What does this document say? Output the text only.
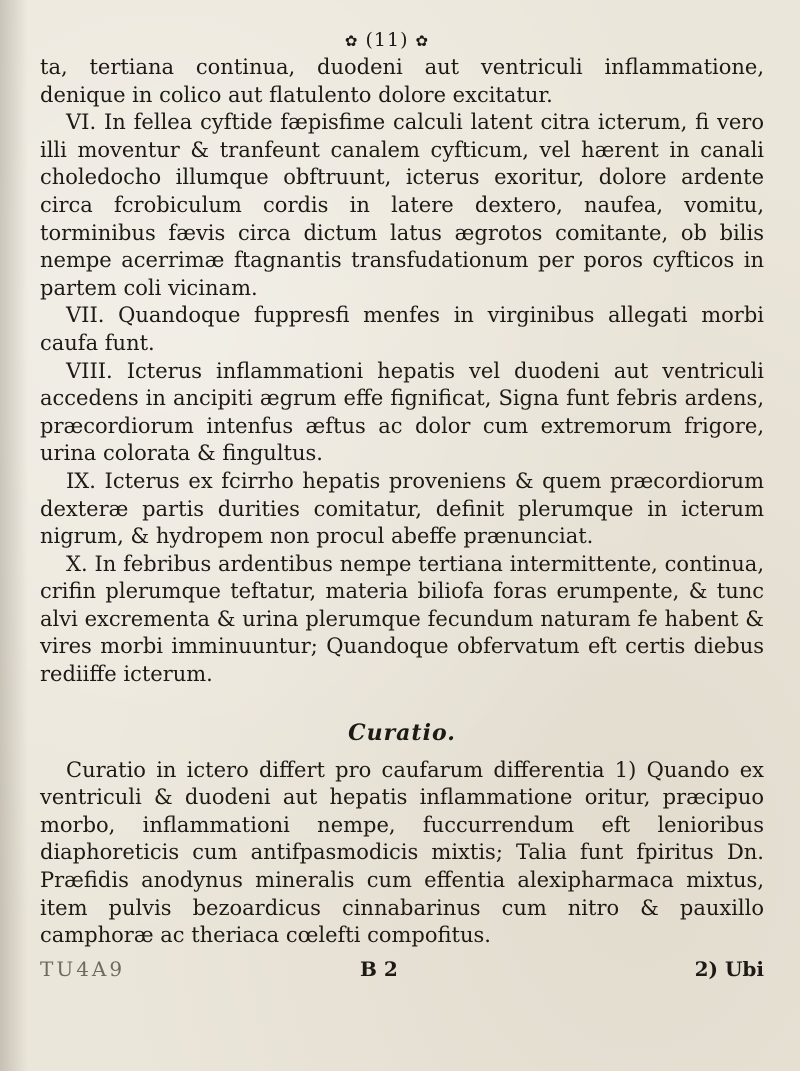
✿ (11) ✿

ta, tertiana continua, duodeni aut ventriculi inflammatione, denique in colico aut flatulento dolore excitatur.

VI. In fellea cyftide fæpisfime calculi latent citra icterum, fi vero illi moventur & tranfeunt canalem cyfticum, vel hærent in canali choledocho illumque obftruunt, icterus exoritur, dolore ardente circa fcrobiculum cordis in latere dextero, naufea, vomitu, torminibus fævis circa dictum latus ægrotos comitante, ob bilis nempe acerrimæ ftagnantis transfudationum per poros cyfticos in partem coli vicinam.

VII. Quandoque fuppresfi menfes in virginibus allegati morbi caufa funt.

VIII. Icterus inflammationi hepatis vel duodeni aut ventriculi accedens in ancipiti ægrum effe fignificat, Signa funt febris ardens, præcordiorum intenfus æftus ac dolor cum extremorum frigore, urina colorata & fingultus.

IX. Icterus ex fcirrho hepatis proveniens & quem præcordiorum dexteræ partis durities comitatur, definit plerumque in icterum nigrum, & hydropem non procul abeffe prænunciat.

X. In febribus ardentibus nempe tertiana intermittente, continua, crifin plerumque teftatur, materia biliofa foras erumpente, & tunc alvi excrementa & urina plerumque fecundum naturam fe habent & vires morbi imminuuntur; Quandoque obfervatum eft certis diebus rediiffe icterum.

Curatio.

Curatio in icterо differt pro caufarum differentia 1) Quando ex ventriculi & duodeni aut hepatis inflammatione oritur, præcipuo morbo, inflammationi nempe, fuccurrendum eft lenioribus diaphoreticis cum antifpasmodicis mixtis; Talia funt fpiritus Dn. Præfidis anodynus mineralis cum effentia alexipharmaca mixtus, item pulvis bezoardicus cinnabarinus cum nitro & pauxillo camphoræ ac theriaca cœlefti compofitus.

TU4A9	B 2	2) Ubi
